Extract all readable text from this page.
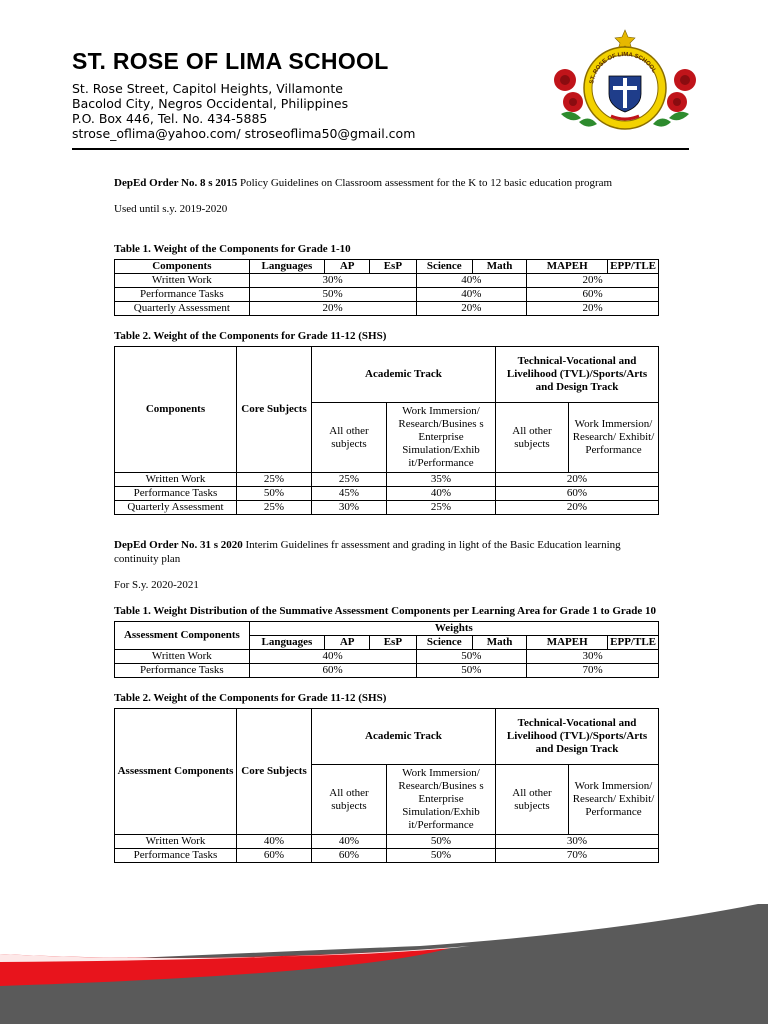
ST. ROSE OF LIMA SCHOOL
St. Rose Street, Capitol Heights, Villamonte
Bacolod City, Negros Occidental, Philippines
P.O. Box 446, Tel. No. 434-5885
strose_oflima@yahoo.com/ stroseoflima50@gmail.com
ST. ROSE OF LIMA SCHOOL

DepEd Order No. 8 s 2015 Policy Guidelines on Classroom assessment for the K to 12 basic education program

Used until s.y. 2019-2020

Table 1. Weight of the Components for Grade 1-10
Components	Languages	AP	EsP	Science	Math	MAPEH	EPP/TLE
Written Work	30%			40%		20%	
Performance Tasks	50%			40%		60%	
Quarterly Assessment	20%			20%		20%	
Table 2. Weight of the Components for Grade 11-12 (SHS)
Components	Core Subjects	Academic Track		Technical-Vocational and Livelihood (TVL)/Sports/Arts and Design Track	
		All other subjects	Work Immersion/ Research/Busines s Enterprise Simulation/Exhib it/Performance	All other subjects	Work Immersion/ Research/ Exhibit/ Performance
Written Work	25%	25%	35%	20%	
Performance Tasks	50%	45%	40%	60%	
Quarterly Assessment	25%	30%	25%	20%	

DepEd Order No. 31 s 2020 Interim Guidelines fr assessment and grading in light of the Basic Education learning continuity plan

For S.y. 2020-2021

Table 1. Weight Distribution of the Summative Assessment Components per Learning Area for Grade 1 to Grade 10
Assessment Components	Weights						
	Languages	AP	EsP	Science	Math	MAPEH	EPP/TLE
Written Work	40%			50%		30%	
Performance Tasks	60%			50%		70%	
Table 2. Weight of the Components for Grade 11-12 (SHS)
Assessment Components	Core Subjects	Academic Track		Technical-Vocational and Livelihood (TVL)/Sports/Arts and Design Track	
		All other subjects	Work Immersion/ Research/Busines s Enterprise Simulation/Exhib it/Performance	All other subjects	Work Immersion/ Research/ Exhibit/ Performance
Written Work	40%	40%	50%	30%	
Performance Tasks	60%	60%	50%	70%	
